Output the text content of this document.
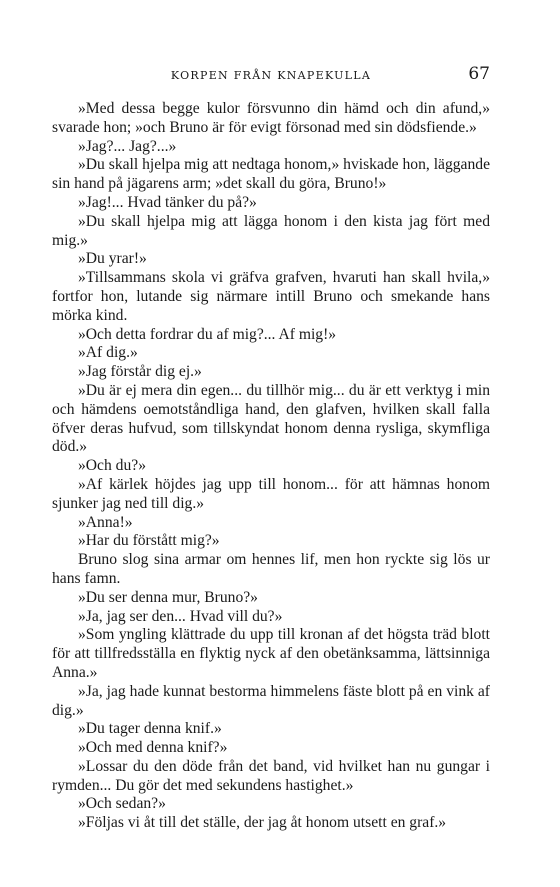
KORPEN FRÅN KNAPEKULLA	67

»Med dessa begge kulor försvunno din hämd och din afund,» svarade hon; »och Bruno är för evigt försonad med sin dödsfiende.»

»Jag?... Jag?...»

»Du skall hjelpa mig att nedtaga honom,» hviskade hon, läggande sin hand på jägarens arm; »det skall du göra, Bruno!»

»Jag!... Hvad tänker du på?»

»Du skall hjelpa mig att lägga honom i den kista jag fört med mig.»

»Du yrar!»

»Tillsammans skola vi gräfva grafven, hvaruti han skall hvila,» fortfor hon, lutande sig närmare intill Bruno och smekande hans mörka kind.

»Och detta fordrar du af mig?... Af mig!»

»Af dig.»

»Jag förstår dig ej.»

»Du är ej mera din egen... du tillhör mig... du är ett verktyg i min och hämdens oemotståndliga hand, den glafven, hvilken skall falla öfver deras hufvud, som tillskyndat honom denna rysliga, skymfliga död.»

»Och du?»

»Af kärlek höjdes jag upp till honom... för att hämnas honom sjunker jag ned till dig.»

»Anna!»

»Har du förstått mig?»

Bruno slog sina armar om hennes lif, men hon ryckte sig lös ur hans famn.

»Du ser denna mur, Bruno?»

»Ja, jag ser den... Hvad vill du?»

»Som yngling klättrade du upp till kronan af det högsta träd blott för att tillfredsställa en flyktig nyck af den obetänksamma, lättsinniga Anna.»

»Ja, jag hade kunnat bestorma himmelens fäste blott på en vink af dig.»

»Du tager denna knif.»

»Och med denna knif?»

»Lossar du den döde från det band, vid hvilket han nu gungar i rymden... Du gör det med sekundens hastighet.»

»Och sedan?»

»Följas vi åt till det ställe, der jag åt honom utsett en graf.»
